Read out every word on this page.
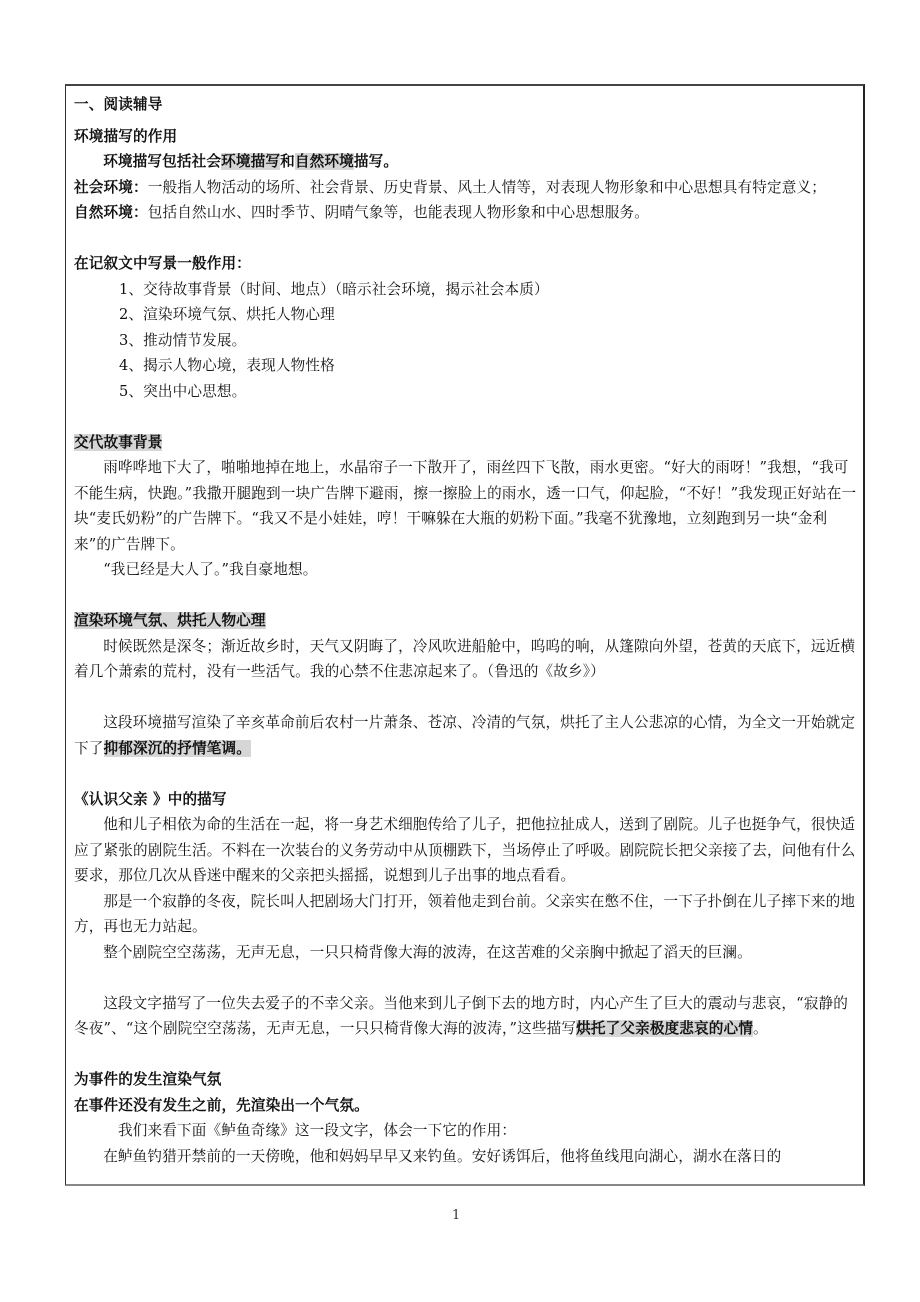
一、阅读辅导

环境描写的作用

环境描写包括社会环境描写和自然环境描写。

社会环境：一般指人物活动的场所、社会背景、历史背景、风土人情等，对表现人物形象和中心思想具有特定意义；

自然环境：包括自然山水、四时季节、阴晴气象等，也能表现人物形象和中心思想服务。

在记叙文中写景一般作用：

1、交待故事背景（时间、地点）（暗示社会环境，揭示社会本质）

2、渲染环境气氛、烘托人物心理

3、推动情节发展。

4、揭示人物心境，表现人物性格

5、突出中心思想。

交代故事背景

雨哗哗地下大了，啪啪地掉在地上，水晶帘子一下散开了，雨丝四下飞散，雨水更密。“好大的雨呀！”我想，“我可不能生病，快跑。”我撒开腿跑到一块广告牌下避雨，擦一擦脸上的雨水，透一口气，仰起脸，“不好！”我发现正好站在一块“麦氏奶粉”的广告牌下。“我又不是小娃娃，哼！干嘛躲在大瓶的奶粉下面。”我毫不犹豫地，立刻跑到另一块“金利来”的广告牌下。

“我已经是大人了。”我自豪地想。

渲染环境气氛、烘托人物心理

时候既然是深冬；渐近故乡时，天气又阴晦了，冷风吹进船舱中，呜呜的响，从篷隙向外望，苍黄的天底下，远近横着几个萧索的荒村，没有一些活气。我的心禁不住悲凉起来了。（鲁迅的《故乡》）

这段环境描写渲染了辛亥革命前后农村一片萧条、苍凉、冷清的气氛，烘托了主人公悲凉的心情，为全文一开始就定下了抑郁深沉的抒情笔调。

《认识父亲 》中的描写

他和儿子相依为命的生活在一起，将一身艺术细胞传给了儿子，把他拉扯成人，送到了剧院。儿子也挺争气，很快适应了紧张的剧院生活。不料在一次装台的义务劳动中从顶棚跌下，当场停止了呼吸。剧院院长把父亲接了去，问他有什么要求，那位几次从昏迷中醒来的父亲把头摇摇，说想到儿子出事的地点看看。

那是一个寂静的冬夜，院长叫人把剧场大门打开，领着他走到台前。父亲实在憋不住，一下子扑倒在儿子摔下来的地方，再也无力站起。

整个剧院空空荡荡，无声无息，一只只椅背像大海的波涛，在这苦难的父亲胸中掀起了滔天的巨澜。

这段文字描写了一位失去爱子的不幸父亲。当他来到儿子倒下去的地方时，内心产生了巨大的震动与悲哀，“寂静的冬夜”、“这个剧院空空荡荡，无声无息，一只只椅背像大海的波涛，”这些描写烘托了父亲极度悲哀的心情。

为事件的发生渲染气氛

在事件还没有发生之前，先渲染出一个气氛。

我们来看下面《鲈鱼奇缘》这一段文字，体会一下它的作用：

在鲈鱼钓猎开禁前的一天傍晚，他和妈妈早早又来钓鱼。安好诱饵后，他将鱼线甩向湖心，湖水在落日的

1
